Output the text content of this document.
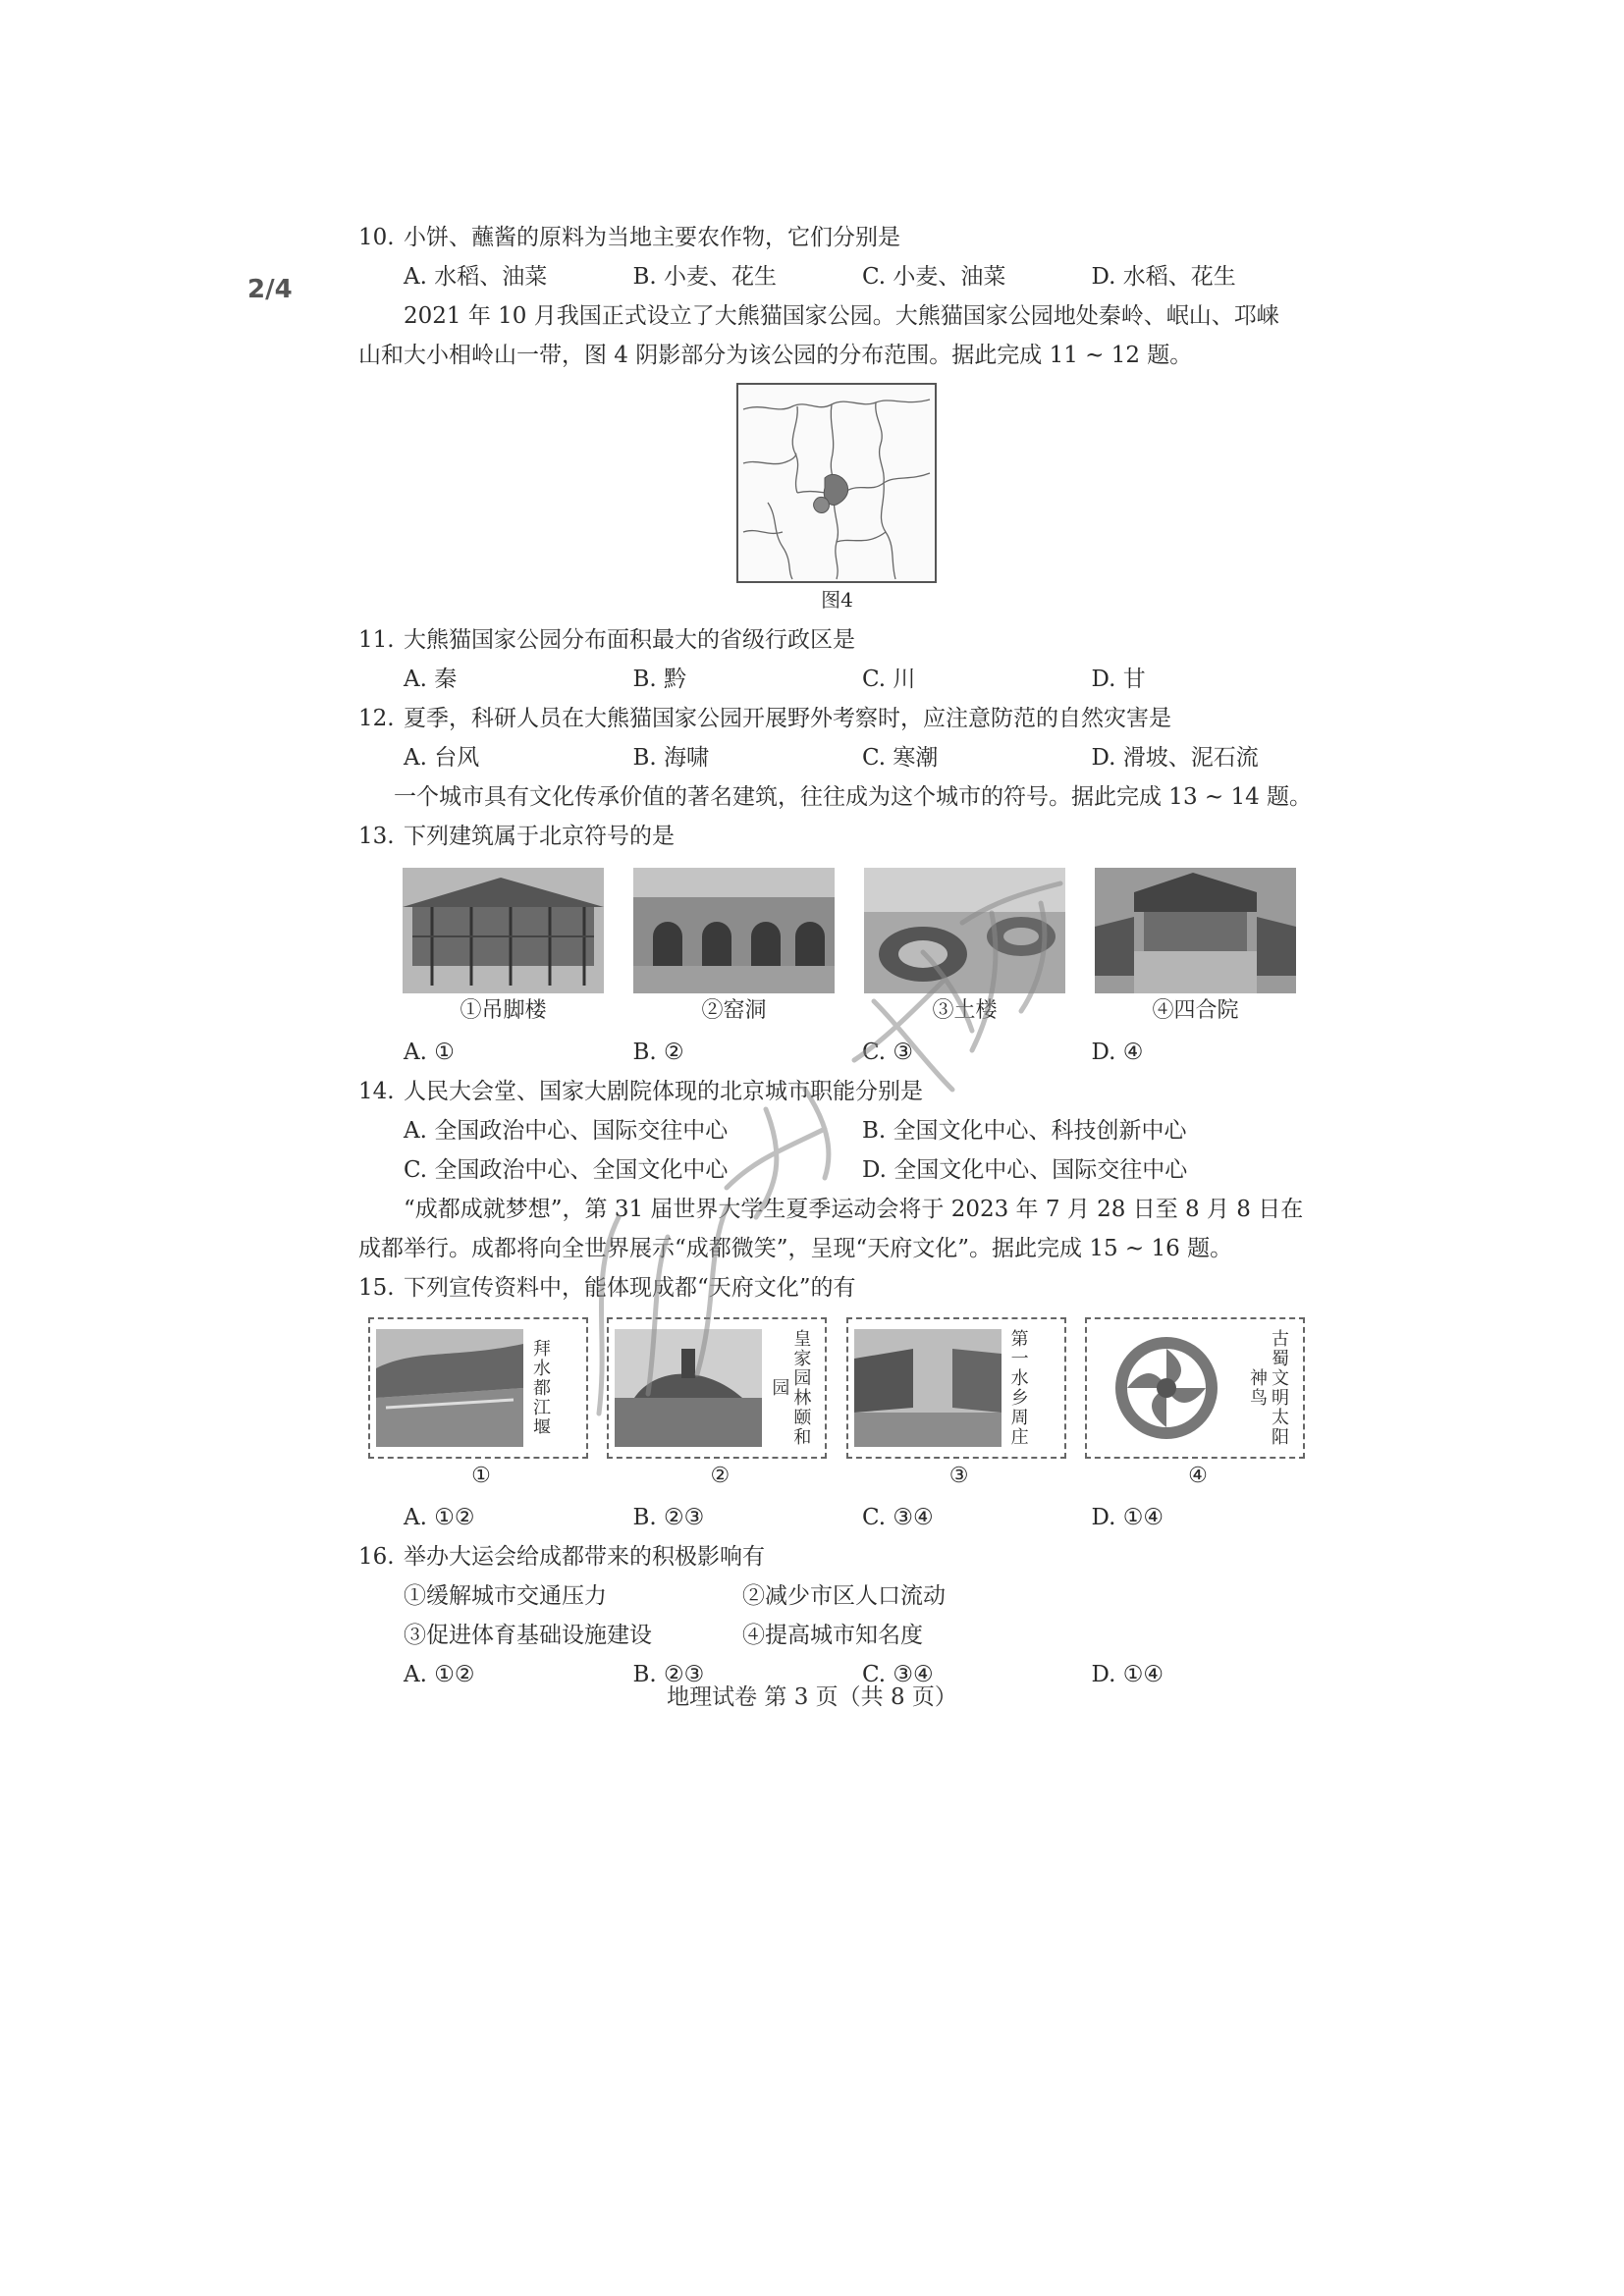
2/4
10. 小饼、蘸酱的原料为当地主要农作物，它们分别是
A. 水稻、油菜	B. 小麦、花生	C. 小麦、油菜	D. 水稻、花生
2021 年 10 月我国正式设立了大熊猫国家公园。大熊猫国家公园地处秦岭、岷山、邛崃
山和大小相岭山一带，图 4 阴影部分为该公园的分布范围。据此完成 11 ~ 12 题。
图4
11. 大熊猫国家公园分布面积最大的省级行政区是
A. 秦	B. 黔	C. 川	D. 甘
12. 夏季，科研人员在大熊猫国家公园开展野外考察时，应注意防范的自然灾害是
A. 台风	B. 海啸	C. 寒潮	D. 滑坡、泥石流
一个城市具有文化传承价值的著名建筑，往往成为这个城市的符号。据此完成 13 ~ 14 题。
13. 下列建筑属于北京符号的是
①吊脚楼	②窑洞	③土楼	④四合院
A. ①	B. ②	C. ③	D. ④
14. 人民大会堂、国家大剧院体现的北京城市职能分别是
A. 全国政治中心、国际交往中心	B. 全国文化中心、科技创新中心
C. 全国政治中心、全国文化中心	D. 全国文化中心、国际交往中心
“成都成就梦想”，第 31 届世界大学生夏季运动会将于 2023 年 7 月 28 日至 8 月 8 日在
成都举行。成都将向全世界展示“成都微笑”，呈现“天府文化”。据此完成 15 ~ 16 题。
15. 下列宣传资料中，能体现成都“天府文化”的有
拜水都江堰
①
皇家园林颐和园
②
第一水乡周庄
③
古蜀文明太阳神鸟
④
A. ①②	B. ②③	C. ③④	D. ①④
16. 举办大运会给成都带来的积极影响有
①缓解城市交通压力	②减少市区人口流动
③促进体育基础设施建设	④提高城市知名度
A. ①②	B. ②③	C. ③④	D. ①④
地理试卷 第 3 页（共 8 页）
